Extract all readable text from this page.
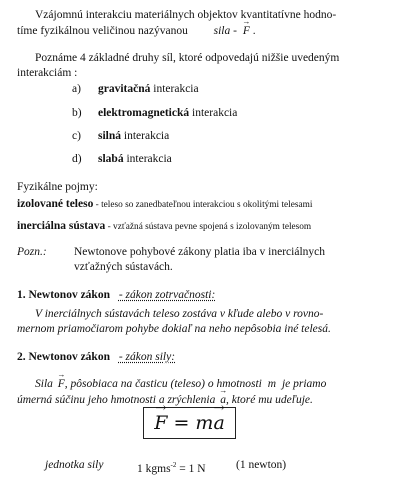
Vzájomnú interakciu materiálnych objektov kvantitatívne hodno-
tíme fyzikálnou veličinou nazývanou sila - → F .
Poznáme 4 základné druhy síl, ktoré odpovedajú nižšie uvedeným
interakciám :
a) gravitačná interakcia
b) elektromagnetická interakcia
c) silná interakcia
d) slabá interakcia
Fyzikálne pojmy:
izolované teleso - teleso so zanedbateľnou interakciou s okolitými telesami
inerciálna sústava - vzťažná sústava pevne spojená s izolovaným telesom
Pozn.: Newtonove pohybové zákony platia iba v inerciálnych
vzťažných sústavách.
1. Newtonov zákon - zákon zotrvačnosti:
V inerciálnych sústavách teleso zostáva v kľude alebo v rovno-
mernom priamočiarom pohybe dokiaľ na neho nepôsobia iné telesá.
2. Newtonov zákon - zákon sily:
Sila → F, pôsobiaca na časticu (teleso) o hmotnosti m je priamo
úmerná súčinu jeho hmotnosti a zrýchlenia → a, ktoré mu udeľuje.
→ F = m → a
jednotka sily	1 kgms$^{-2}$ = 1 N	(1 newton)
